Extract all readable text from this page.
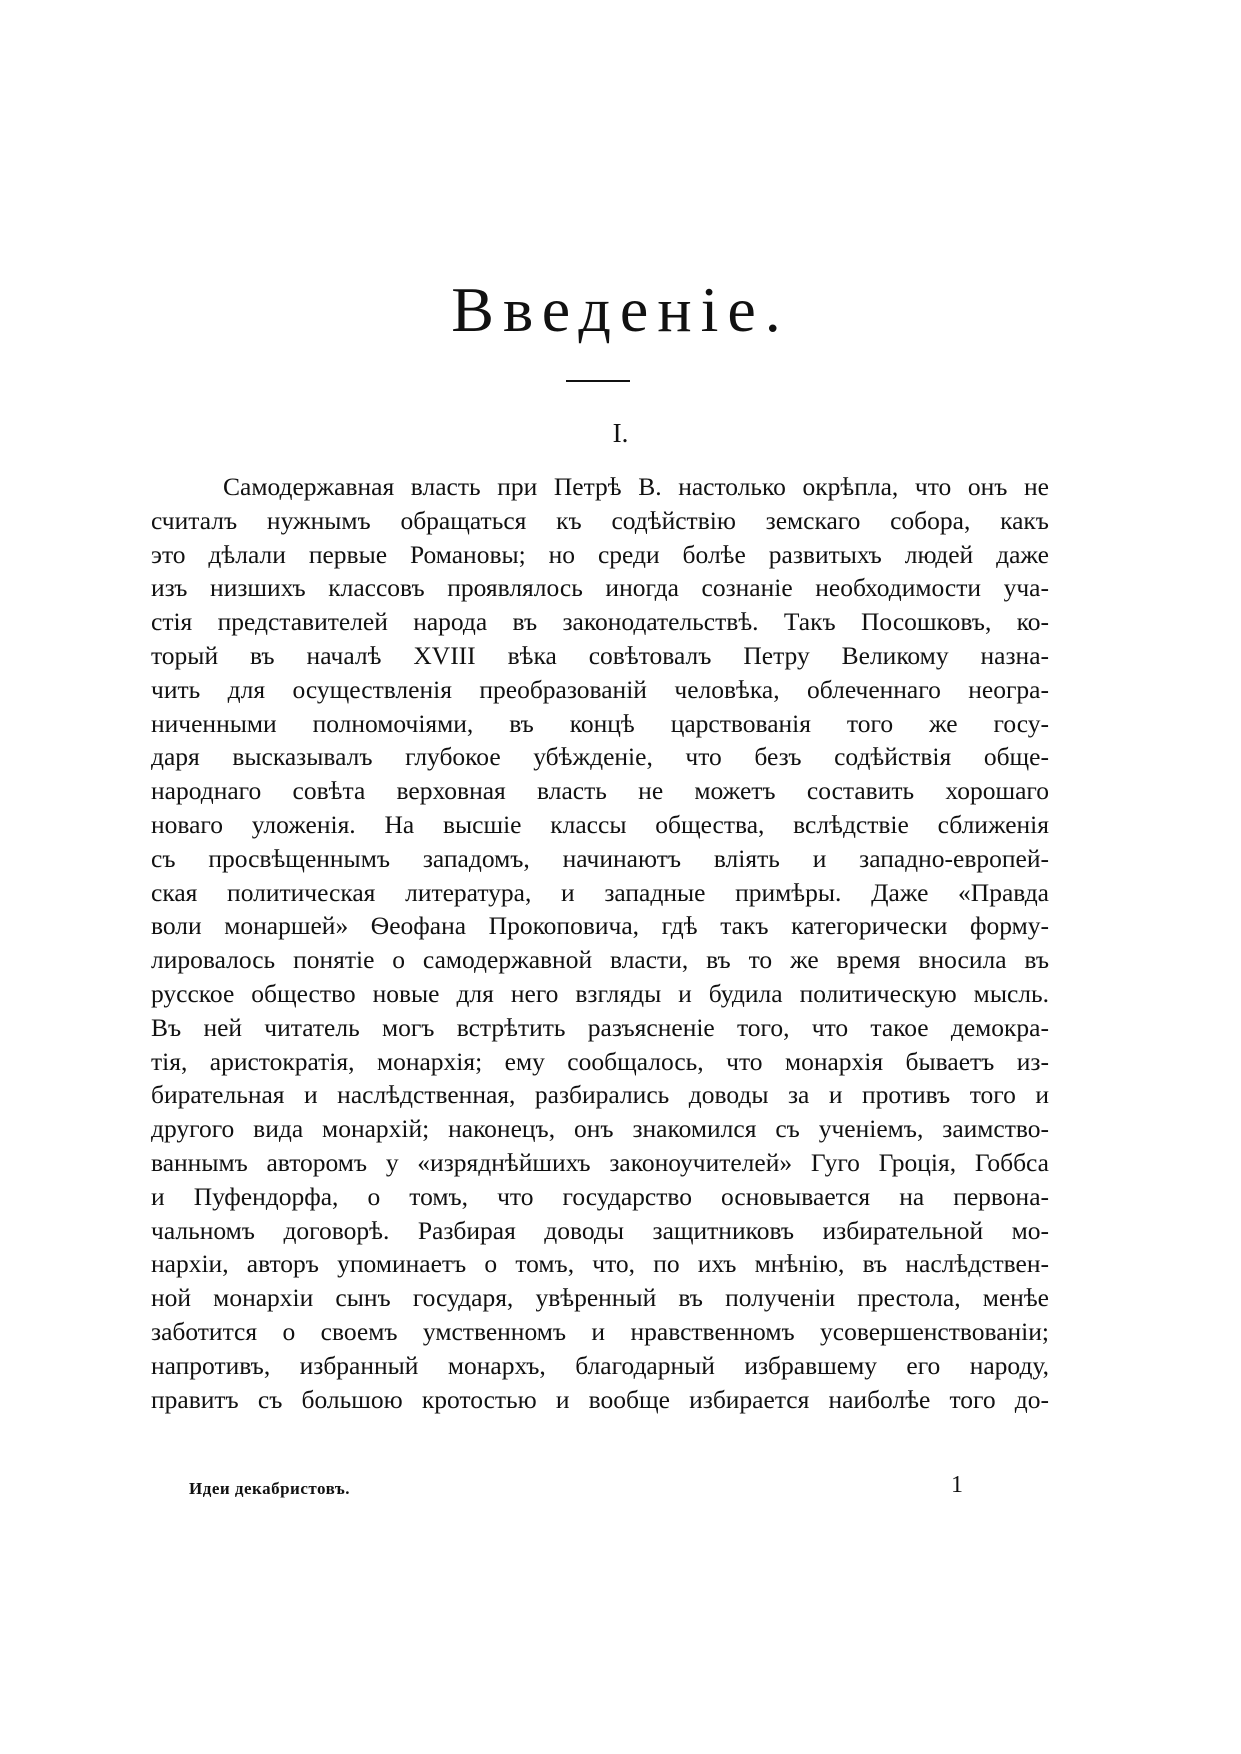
Введеніе.
I.
Самодержавная власть при Петрѣ В. настолько окрѣпла, что онъ не
считалъ нужнымъ обращаться къ содѣйствію земскаго собора, какъ
это дѣлали первые Романовы; но среди болѣе развитыхъ людей даже
изъ низшихъ классовъ проявлялось иногда сознаніе необходимости уча-
стія представителей народа въ законодательствѣ. Такъ Посошковъ, ко-
торый въ началѣ XVIII вѣка совѣтовалъ Петру Великому назна-
чить для осуществленія преобразованій человѣка, облеченнаго неогра-
ниченными полномочіями, въ концѣ царствованія того же госу-
даря высказывалъ глубокое убѣжденіе, что безъ содѣйствія обще-
народнаго совѣта верховная власть не можетъ составить хорошаго
новаго уложенія. На высшіе классы общества, вслѣдствіе сближенія
съ просвѣщеннымъ западомъ, начинаютъ вліять и западно-европей-
ская политическая литература, и западные примѣры. Даже «Правда
воли монаршей» Ѳеофана Прокоповича, гдѣ такъ категорически форму-
лировалось понятіе о самодержавной власти, въ то же время вносила въ
русское общество новые для него взгляды и будила политическую мысль.
Въ ней читатель могъ встрѣтить разъясненіе того, что такое демокра-
тія, аристократія, монархія; ему сообщалось, что монархія бываетъ из-
бирательная и наслѣдственная, разбирались доводы за и противъ того и
другого вида монархій; наконецъ, онъ знакомился съ ученіемъ, заимство-
ваннымъ авторомъ у «изряднѣйшихъ законоучителей» Гуго Гроція, Гоббса
и Пуфендорфа, о томъ, что государство основывается на первона-
чальномъ договорѣ. Разбирая доводы защитниковъ избирательной мо-
нархіи, авторъ упоминаетъ о томъ, что, по ихъ мнѣнію, въ наслѣдствен-
ной монархіи сынъ государя, увѣренный въ полученіи престола, менѣе
заботится о своемъ умственномъ и нравственномъ усовершенствованіи;
напротивъ, избранный монархъ, благодарный избравшему его народу,
правитъ съ большою кротостью и вообще избирается наиболѣе того до-
Идеи декабристовъ.	1
